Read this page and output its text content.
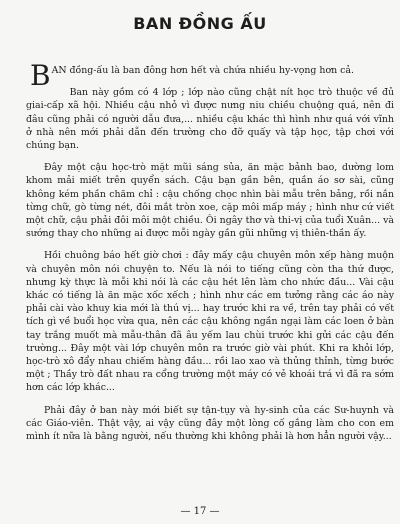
BAN ĐỒNG ẤU

BAN đồng-ấu là ban đông hơn hết và chứa nhiều hy-vọng hơn cả.

Ban này gồm có 4 lớp ; lớp nào cũng chật nít học trò thuộc về đủ giai-cấp xã hội. Nhiều cậu nhỏ vì được nưng niu chiều chuộng quá, nên đi đâu cũng phải có người dẫu đưa,... nhiều cậu khác thì hình như quá với vĩnh ở nhà nên mới phải dẫn đến trường cho đỡ quấy và tập học, tập chơi với chúng bạn.

Đây một cậu học-trò mặt mũi sáng sủa, ăn mặc bảnh bao, dường lom khom mải miết trên quyển sách. Cậu bạn gần bên, quần áo sơ sài, cũng không kém phần chăm chỉ : cậu chống chọc nhìn bài mẫu trên bảng, rồi nắn từng chữ, gò từng nét, đôi mắt tròn xoe, cặp môi mấp máy ; hình như cứ viết một chữ, cậu phải đôi môi một chiều. Ôi ngây thơ và thi-vị của tuổi Xuân... và sướng thay cho những ai được mỗi ngày gần gũi những vị thiên-thần ấy.

Hồi chuông báo hết giờ chơi : đây mấy cậu chuyên môn xếp hàng muộn và chuyên môn nói chuyện to. Nếu là nói to tiếng cũng còn tha thứ được, nhưng kỳ thực là mỗi khi nói là các cậu hét lên làm cho nhức đầu... Vài cậu khác có tiếng là ăn mặc xốc xếch ; hình như các em tưởng rằng các áo này phải cài vào khuy kia mới là thú vị... hay trước khi ra về, trên tay phải có vết tích gì về buổi học vừa qua, nên các cậu không ngần ngại làm các loen ở bàn tay trắng muốt mà mẫu-thân đã âu yếm lau chùi trước khi gửi các cậu đến trường... Đây một vài lớp chuyên môn ra trước giờ vài phút. Khi ra khỏi lớp, học-trò xô đẩy nhau chiếm hàng đầu... rồi lao xao và thủng thỉnh, từng bước một ; Thầy trò đất nhau ra cổng trường một máy có vẻ khoái trá vì đã ra sớm hơn các lớp khác...

Phải đây ở ban này mới biết sự tận-tụy và hy-sinh của các Sư-huynh và các Giáo-viên. Thật vậy, ai vậy cũng đây một lòng cố gắng làm cho con em mình ít nữa là bằng người, nếu thường khi không phải là hơn hẳn người vậy...

— 17 —
